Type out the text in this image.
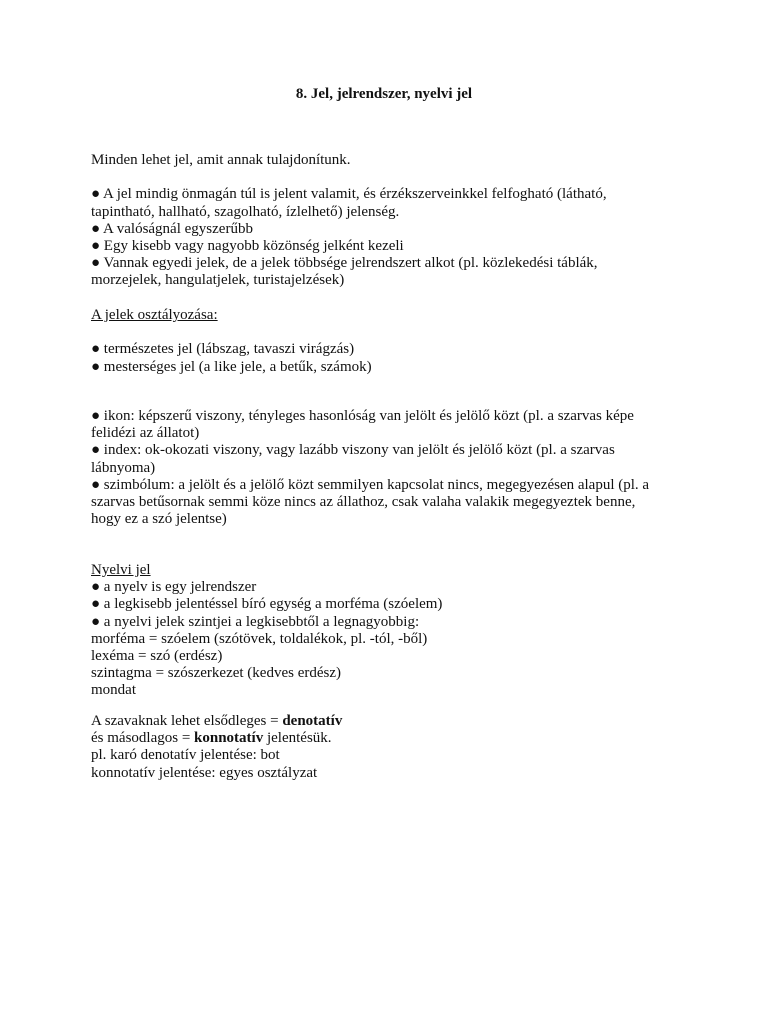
8. Jel, jelrendszer, nyelvi jel
Minden lehet jel, amit annak tulajdonítunk.
● A jel mindig önmagán túl is jelent valamit, és érzékszerveinkkel felfogható (látható,
tapintható, hallható, szagolható, ízlelhető) jelenség.
● A valóságnál egyszerűbb
● Egy kisebb vagy nagyobb közönség jelként kezeli
● Vannak egyedi jelek, de a jelek többsége jelrendszert alkot (pl. közlekedési táblák,
morzejelek, hangulatjelek, turistajelzések)
A jelek osztályozása:
● természetes jel (lábszag, tavaszi virágzás)
● mesterséges jel (a like jele, a betűk, számok)
● ikon: képszerű viszony, tényleges hasonlóság van jelölt és jelölő közt (pl. a szarvas képe
felidézi az állatot)
● index: ok-okozati viszony, vagy lazább viszony van jelölt és jelölő közt (pl. a szarvas
lábnyoma)
● szimbólum: a jelölt és a jelölő közt semmilyen kapcsolat nincs, megegyezésen alapul (pl. a
szarvas betűsornak semmi köze nincs az állathoz, csak valaha valakik megegyeztek benne,
hogy ez a szó jelentse)
Nyelvi jel
● a nyelv is egy jelrendszer
● a legkisebb jelentéssel bíró egység a morféma (szóelem)
● a nyelvi jelek szintjei a legkisebbtől a legnagyobbig:
morféma = szóelem (szótövek, toldalékok, pl. -tól, -ből)
lexéma = szó (erdész)
szintagma = szószerkezet (kedves erdész)
mondat
A szavaknak lehet elsődleges = denotatív
és másodlagos = konnotatív jelentésük.
pl. karó denotatív jelentése: bot
konnotatív jelentése: egyes osztályzat
